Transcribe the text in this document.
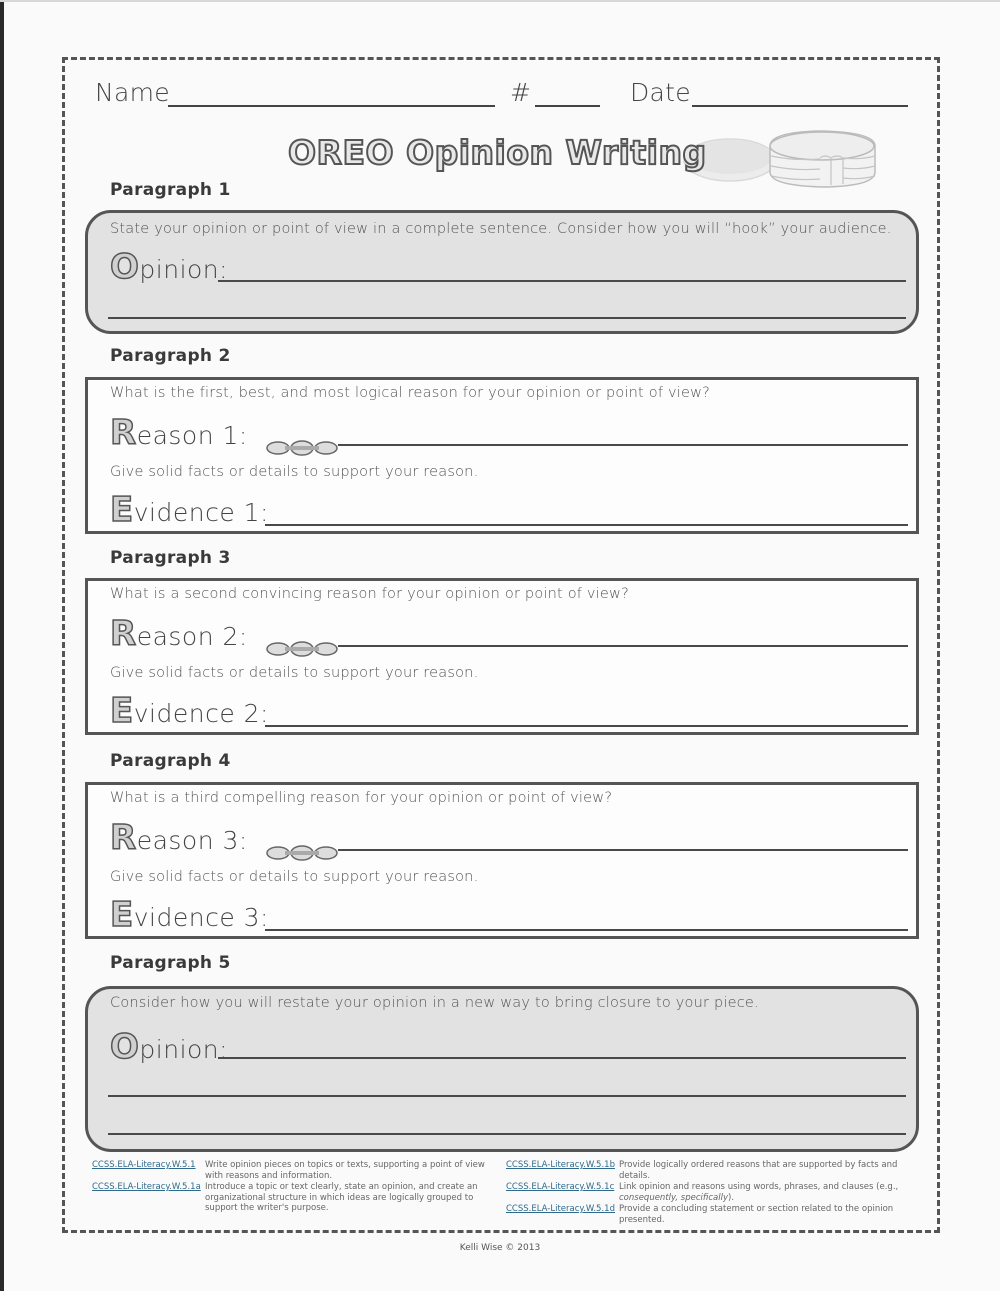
Name	#	Date
OREO Opinion Writing
Paragraph 1
State your opinion or point of view in a complete sentence. Consider how you will “hook” your audience.
Opinion:
Paragraph 2
What is the first, best, and most logical reason for your opinion or point of view?
Reason 1:
Give solid facts or details to support your reason.
Evidence 1:
Paragraph 3
What is a second convincing reason for your opinion or point of view?
Reason 2:
Give solid facts or details to support your reason.
Evidence 2:
Paragraph 4
What is a third compelling reason for your opinion or point of view?
Reason 3:
Give solid facts or details to support your reason.
Evidence 3:
Paragraph 5
Consider how you will restate your opinion in a new way to bring closure to your piece.
Opinion:
CCSS.ELA-Literacy.W.5.1	Write opinion pieces on topics or texts, supporting a point of view with reasons and information.
CCSS.ELA-Literacy.W.5.1a Introduce a topic or text clearly, state an opinion, and create an organizational structure in which ideas are logically grouped to support the writer's purpose.
CCSS.ELA-Literacy.W.5.1b Provide logically ordered reasons that are supported by facts and details.
CCSS.ELA-Literacy.W.5.1c Link opinion and reasons using words, phrases, and clauses (e.g., consequently, specifically).
CCSS.ELA-Literacy.W.5.1d Provide a concluding statement or section related to the opinion presented.
Kelli Wise © 2013
